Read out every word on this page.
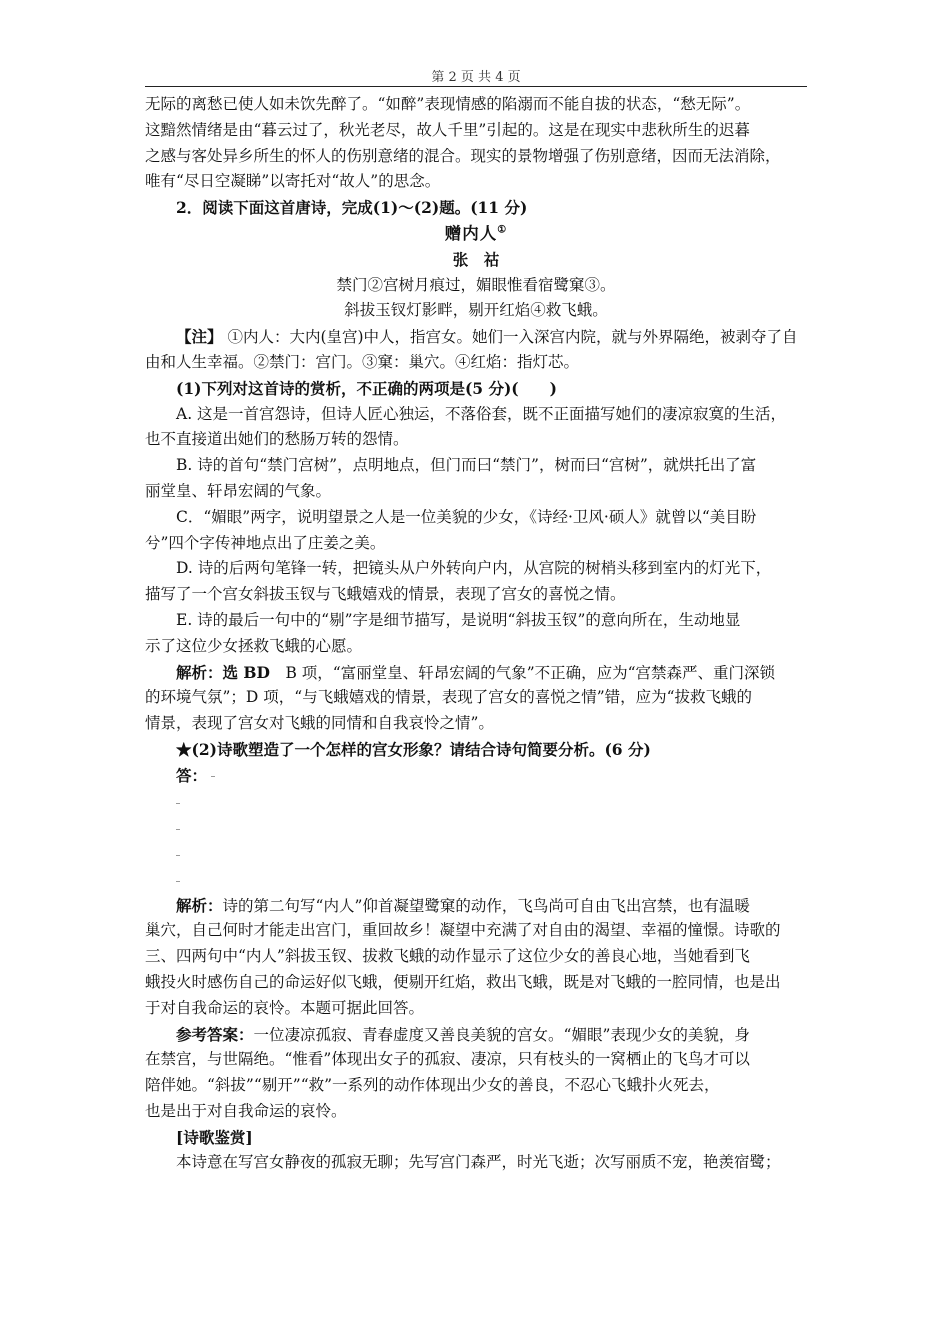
第 2 页 共 4 页
无际的离愁已使人如未饮先醉了。“如醉”表现情感的陷溺而不能自拔的状态，“愁无际”。
这黯然情绪是由“暮云过了，秋光老尽，故人千里”引起的。这是在现实中悲秋所生的迟暮
之感与客处异乡所生的怀人的伤别意绪的混合。现实的景物增强了伤别意绪，因而无法消除，
唯有“尽日空凝睇”以寄托对“故人”的思念。
2．阅读下面这首唐诗，完成(1)～(2)题。(11 分)
赠内人①
张　祜
禁门②宫树月痕过，媚眼惟看宿鹭窠③。
斜拔玉钗灯影畔，剔开红焰④救飞蛾。
【注】 ①内人：大内(皇宫)中人，指宫女。她们一入深宫内院，就与外界隔绝，被剥夺了自
由和人生幸福。②禁门：宫门。③窠：巢穴。④红焰：指灯芯。
(1)下列对这首诗的赏析，不正确的两项是(5 分)(　　)
A. 这是一首宫怨诗，但诗人匠心独运，不落俗套，既不正面描写她们的凄凉寂寞的生活，
也不直接道出她们的愁肠万转的怨情。
B. 诗的首句“禁门宫树”，点明地点，但门而曰“禁门”，树而曰“宫树”，就烘托出了富
丽堂皇、轩昂宏阔的气象。
C．“媚眼”两字，说明望景之人是一位美貌的少女，《诗经·卫风·硕人》就曾以“美目盼
兮”四个字传神地点出了庄姜之美。
D. 诗的后两句笔锋一转，把镜头从户外转向户内，从宫院的树梢头移到室内的灯光下，
描写了一个宫女斜拔玉钗与飞蛾嬉戏的情景，表现了宫女的喜悦之情。
E. 诗的最后一句中的“剔”字是细节描写，是说明“斜拔玉钗”的意向所在，生动地显
示了这位少女拯救飞蛾的心愿。
解析：选 BD　B 项，“富丽堂皇、轩昂宏阔的气象”不正确，应为“宫禁森严、重门深锁
的环境气氛”；D 项，“与飞蛾嬉戏的情景，表现了宫女的喜悦之情”错，应为“拔救飞蛾的
情景，表现了宫女对飞蛾的同情和自我哀怜之情”。
★(2)诗歌塑造了一个怎样的宫女形象？请结合诗句简要分析。(6 分)
答：
解析：诗的第二句写“内人”仰首凝望鹭窠的动作，飞鸟尚可自由飞出宫禁，也有温暖
巢穴，自己何时才能走出宫门，重回故乡！凝望中充满了对自由的渴望、幸福的憧憬。诗歌的
三、四两句中“内人”斜拔玉钗、拔救飞蛾的动作显示了这位少女的善良心地，当她看到飞
蛾投火时感伤自己的命运好似飞蛾，便剔开红焰，救出飞蛾，既是对飞蛾的一腔同情，也是出
于对自我命运的哀怜。本题可据此回答。
参考答案：一位凄凉孤寂、青春虚度又善良美貌的宫女。“媚眼”表现少女的美貌，身
在禁宫，与世隔绝。“惟看”体现出女子的孤寂、凄凉，只有枝头的一窝栖止的飞鸟才可以
陪伴她。“斜拔”“剔开”“救”一系列的动作体现出少女的善良，不忍心飞蛾扑火死去，
也是出于对自我命运的哀怜。
[诗歌鉴赏]
本诗意在写宫女静夜的孤寂无聊；先写宫门森严，时光飞逝；次写丽质不宠，艳羡宿鹭；
